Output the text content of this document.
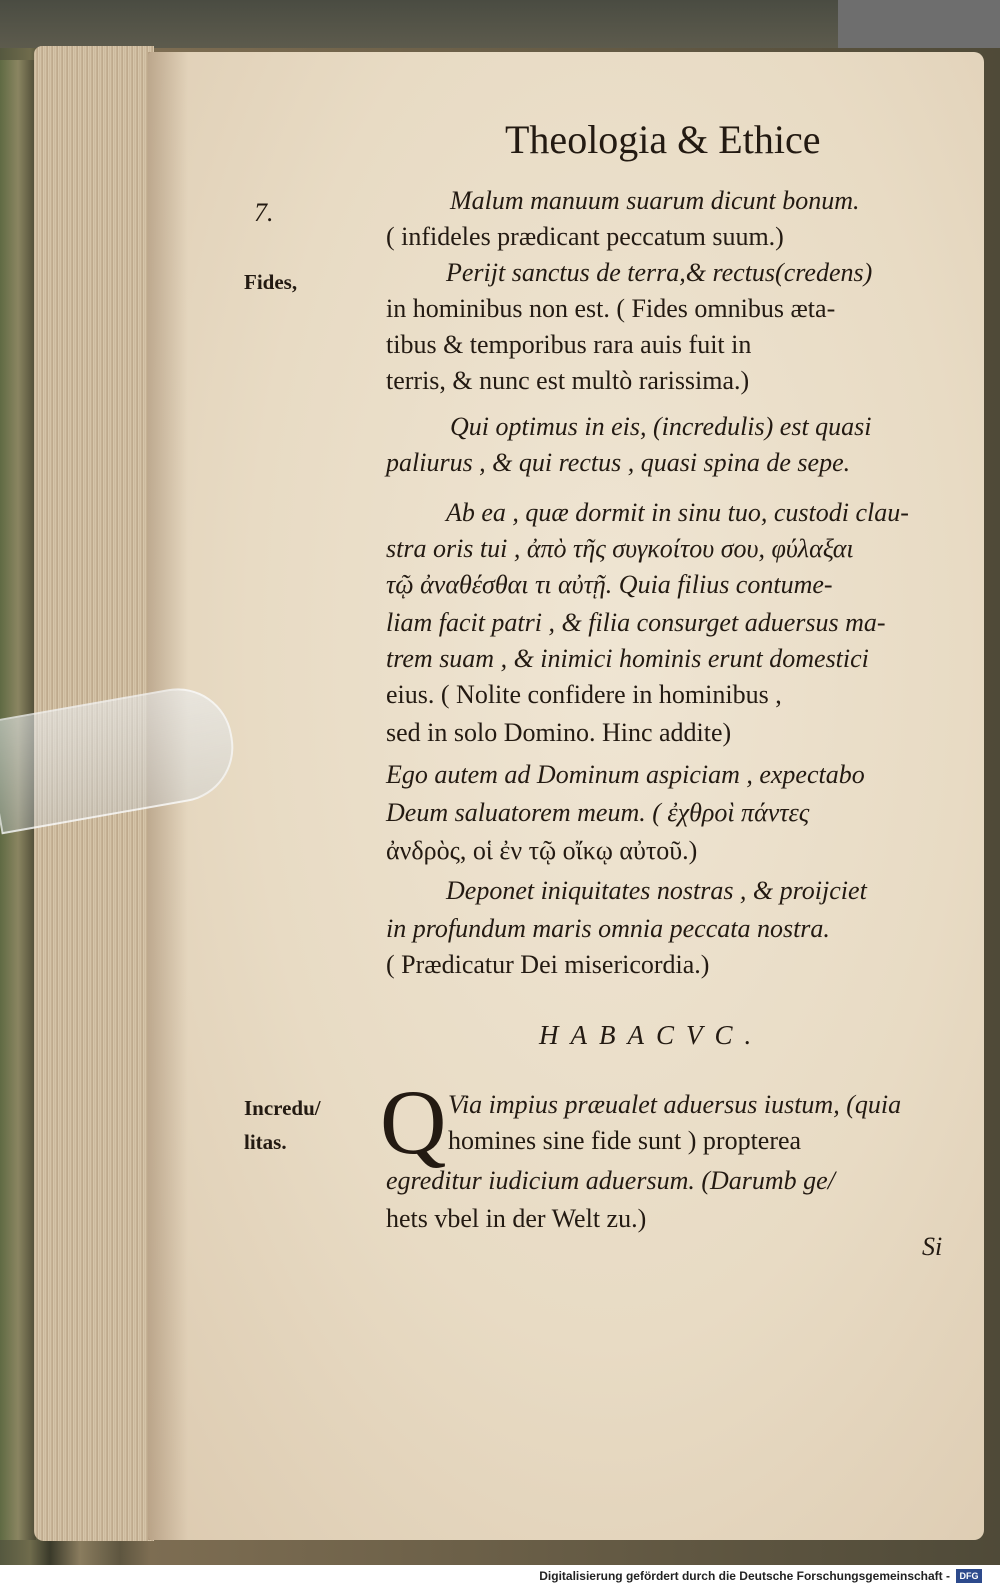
Theologia & Ethice
7.
Fides,
Incredu/
litas.
Malum manuum suarum dicunt bonum.
( infideles prædicant peccatum suum.)
Perijt sanctus de terra,& rectus(credens)
in hominibus non est. ( Fides omnibus æta-
tibus & temporibus rara auis fuit in
terris, & nunc est multò rarissima.)
Qui optimus in eis, (incredulis) est quasi
paliurus , & qui rectus , quasi spina de sepe.
Ab ea , quæ dormit in sinu tuo, custodi clau-
stra oris tui , ἀπὸ τῆς συγκοίτου σου, φύλαξαι
τῷ ἀναθέσθαι τι αὐτῇ. Quia filius contume-
liam facit patri , & filia consurget aduersus ma-
trem suam , & inimici hominis erunt domestici
eius. ( Nolite confidere in hominibus ,
sed in solo Domino. Hinc addite)
Ego autem ad Dominum aspiciam , expectabo
Deum saluatorem meum. ( ἐχθροὶ πάντες
ἀνδρὸς, οἱ ἐν τῷ οἴκῳ αὐτοῦ.)
Deponet iniquitates nostras , & proijciet
in profundum maris omnia peccata nostra.
( Prædicatur Dei misericordia.)
HABACVC.
Q Via impius præualet aduersus iustum, (quia
homines sine fide sunt ) propterea
egreditur iudicium aduersum. (Darumb ge/
hets vbel in der Welt zu.)
Si
Digitalisierung gefördert durch die Deutsche Forschungsgemeinschaft -	DFG
